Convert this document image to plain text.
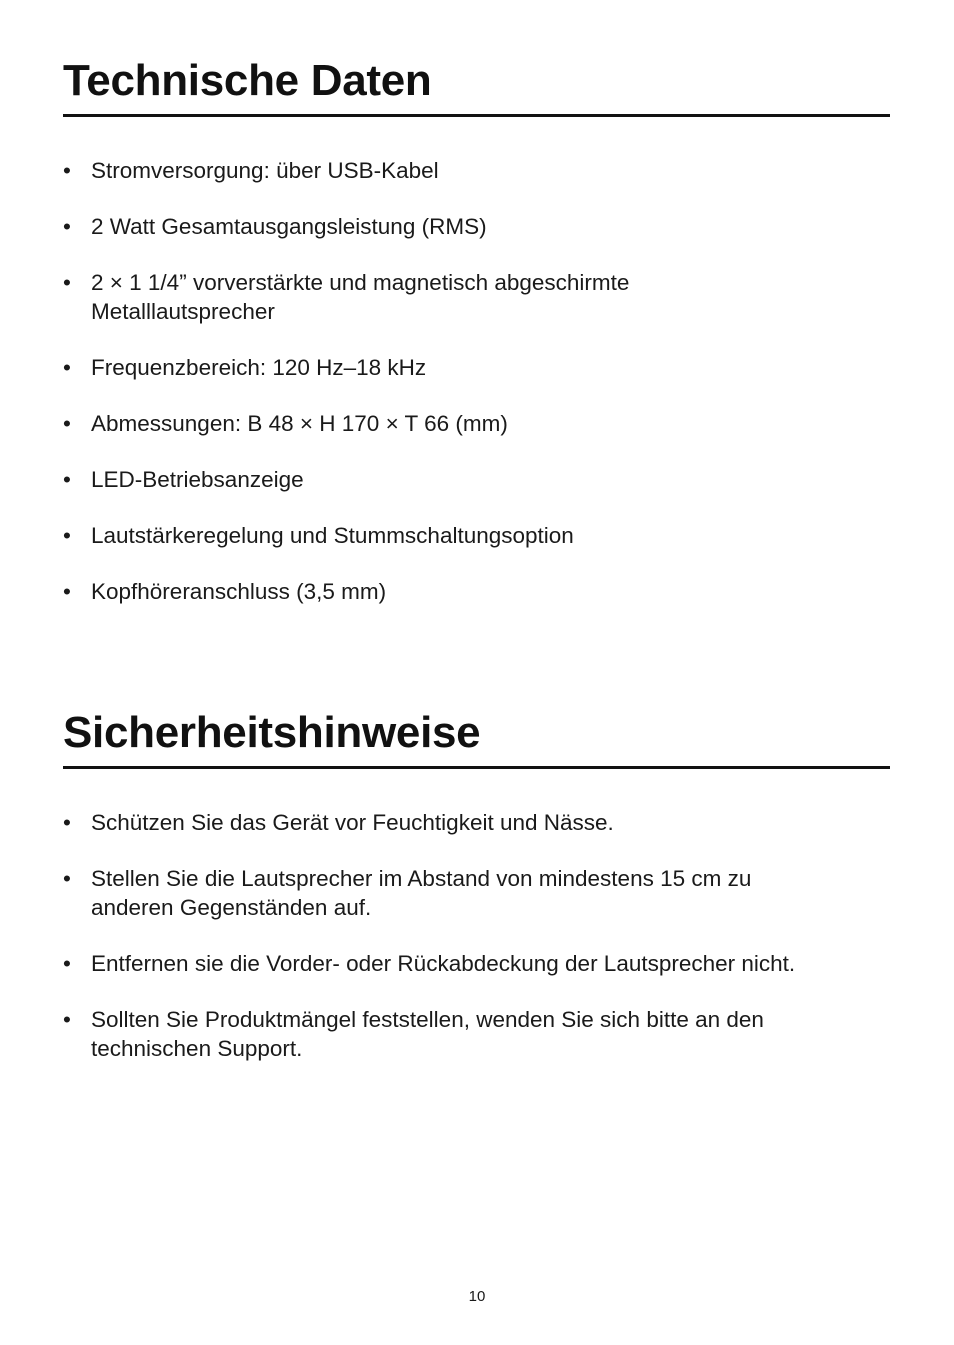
Technische Daten
• Stromversorgung: über USB-Kabel
• 2 Watt Gesamtausgangsleistung (RMS)
• 2 × 1 1/4” vorverstärkte und magnetisch abgeschirmte Metalllautsprecher
• Frequenzbereich: 120 Hz–18 kHz
• Abmessungen: B 48 × H 170 × T 66 (mm)
• LED-Betriebsanzeige
• Lautstärkeregelung und Stummschaltungsoption
• Kopfhöreranschluss (3,5 mm)
Sicherheitshinweise
• Schützen Sie das Gerät vor Feuchtigkeit und Nässe.
• Stellen Sie die Lautsprecher im Abstand von mindestens 15 cm zu anderen Gegenständen auf.
• Entfernen sie die Vorder- oder Rückabdeckung der Lautsprecher nicht.
• Sollten Sie Produktmängel feststellen, wenden Sie sich bitte an den technischen Support.
10
